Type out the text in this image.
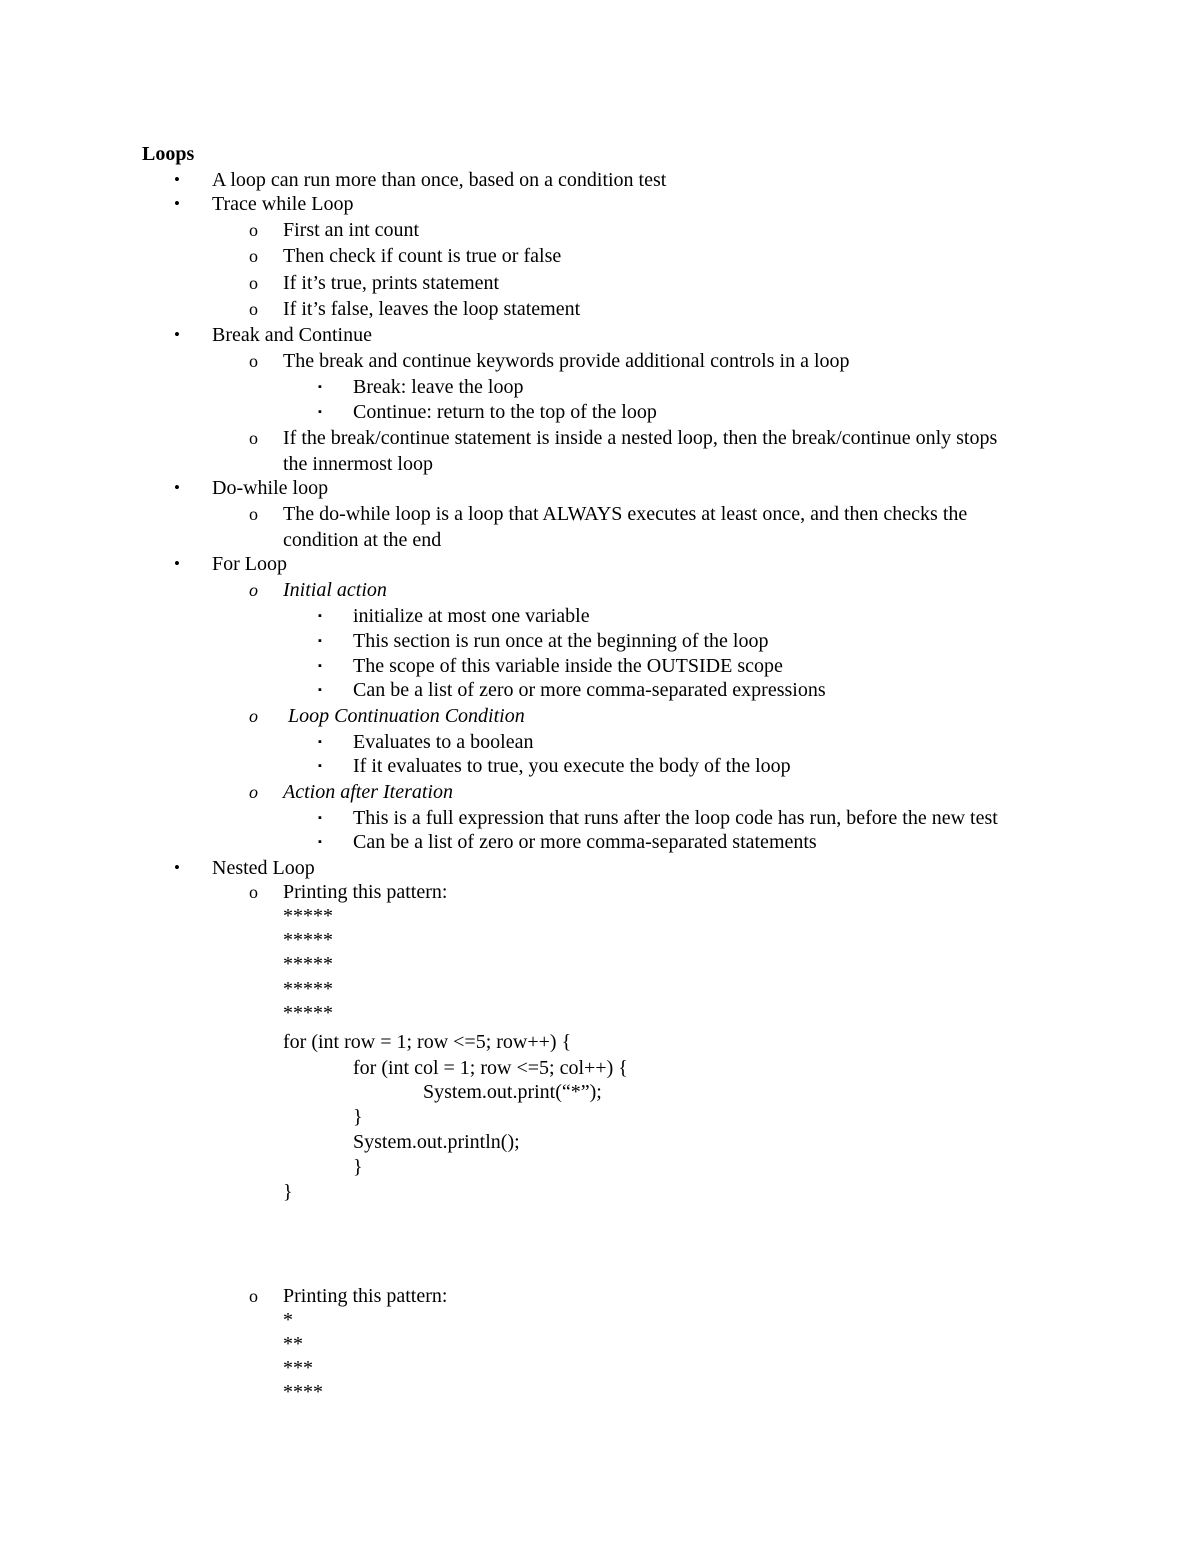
Loops
• A loop can run more than once, based on a condition test
• Trace while Loop
o First an int count
o Then check if count is true or false
o If it’s true, prints statement
o If it’s false, leaves the loop statement
• Break and Continue
o The break and continue keywords provide additional controls in a loop
▪ Break: leave the loop
▪ Continue: return to the top of the loop
o If the break/continue statement is inside a nested loop, then the break/continue only stops
the innermost loop
• Do-while loop
o The do-while loop is a loop that ALWAYS executes at least once, and then checks the
condition at the end
• For Loop
o Initial action
▪ initialize at most one variable
▪ This section is run once at the beginning of the loop
▪ The scope of this variable inside the OUTSIDE scope
▪ Can be a list of zero or more comma-separated expressions
o Loop Continuation Condition
▪ Evaluates to a boolean
▪ If it evaluates to true, you execute the body of the loop
o Action after Iteration
▪ This is a full expression that runs after the loop code has run, before the new test
▪ Can be a list of zero or more comma-separated statements
• Nested Loop
o Printing this pattern:
*****
*****
*****
*****
*****
for (int row = 1; row <=5; row++) {
for (int col = 1; row <=5; col++) {
System.out.print(“*”);
}
System.out.println();
}
}
o Printing this pattern:
*
**
***
****
